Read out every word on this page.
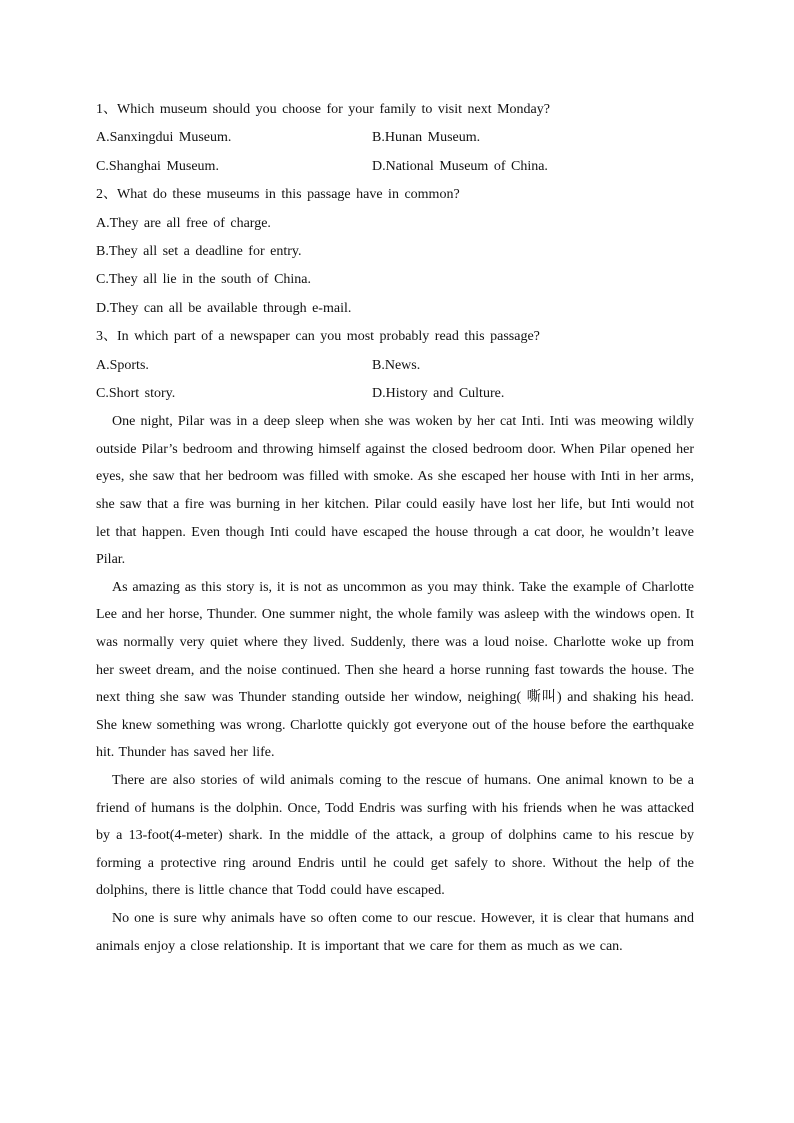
1、Which museum should you choose for your family to visit next Monday?
A.Sanxingdui Museum.	B.Hunan Museum.
C.Shanghai Museum.	D.National Museum of China.
2、What do these museums in this passage have in common?
A.They are all free of charge.
B.They all set a deadline for entry.
C.They all lie in the south of China.
D.They can all be available through e-mail.
3、In which part of a newspaper can you most probably read this passage?
A.Sports.	B.News.
C.Short story.	D.History and Culture.

One night, Pilar was in a deep sleep when she was woken by her cat Inti. Inti was meowing wildly outside Pilar’s bedroom and throwing himself against the closed bedroom door. When Pilar opened her eyes, she saw that her bedroom was filled with smoke. As she escaped her house with Inti in her arms, she saw that a fire was burning in her kitchen. Pilar could easily have lost her life, but Inti would not let that happen. Even though Inti could have escaped the house through a cat door, he wouldn’t leave Pilar.

As amazing as this story is, it is not as uncommon as you may think. Take the example of Charlotte Lee and her horse, Thunder. One summer night, the whole family was asleep with the windows open. It was normally very quiet where they lived. Suddenly, there was a loud noise. Charlotte woke up from her sweet dream, and the noise continued. Then she heard a horse running fast towards the house. The next thing she saw was Thunder standing outside her window, neighing( 嘶叫) and shaking his head. She knew something was wrong. Charlotte quickly got everyone out of the house before the earthquake hit. Thunder has saved her life.

There are also stories of wild animals coming to the rescue of humans. One animal known to be a friend of humans is the dolphin. Once, Todd Endris was surfing with his friends when he was attacked by a 13-foot(4-meter) shark. In the middle of the attack, a group of dolphins came to his rescue by forming a protective ring around Endris until he could get safely to shore. Without the help of the dolphins, there is little chance that Todd could have escaped.

No one is sure why animals have so often come to our rescue. However, it is clear that humans and animals enjoy a close relationship. It is important that we care for them as much as we can.
